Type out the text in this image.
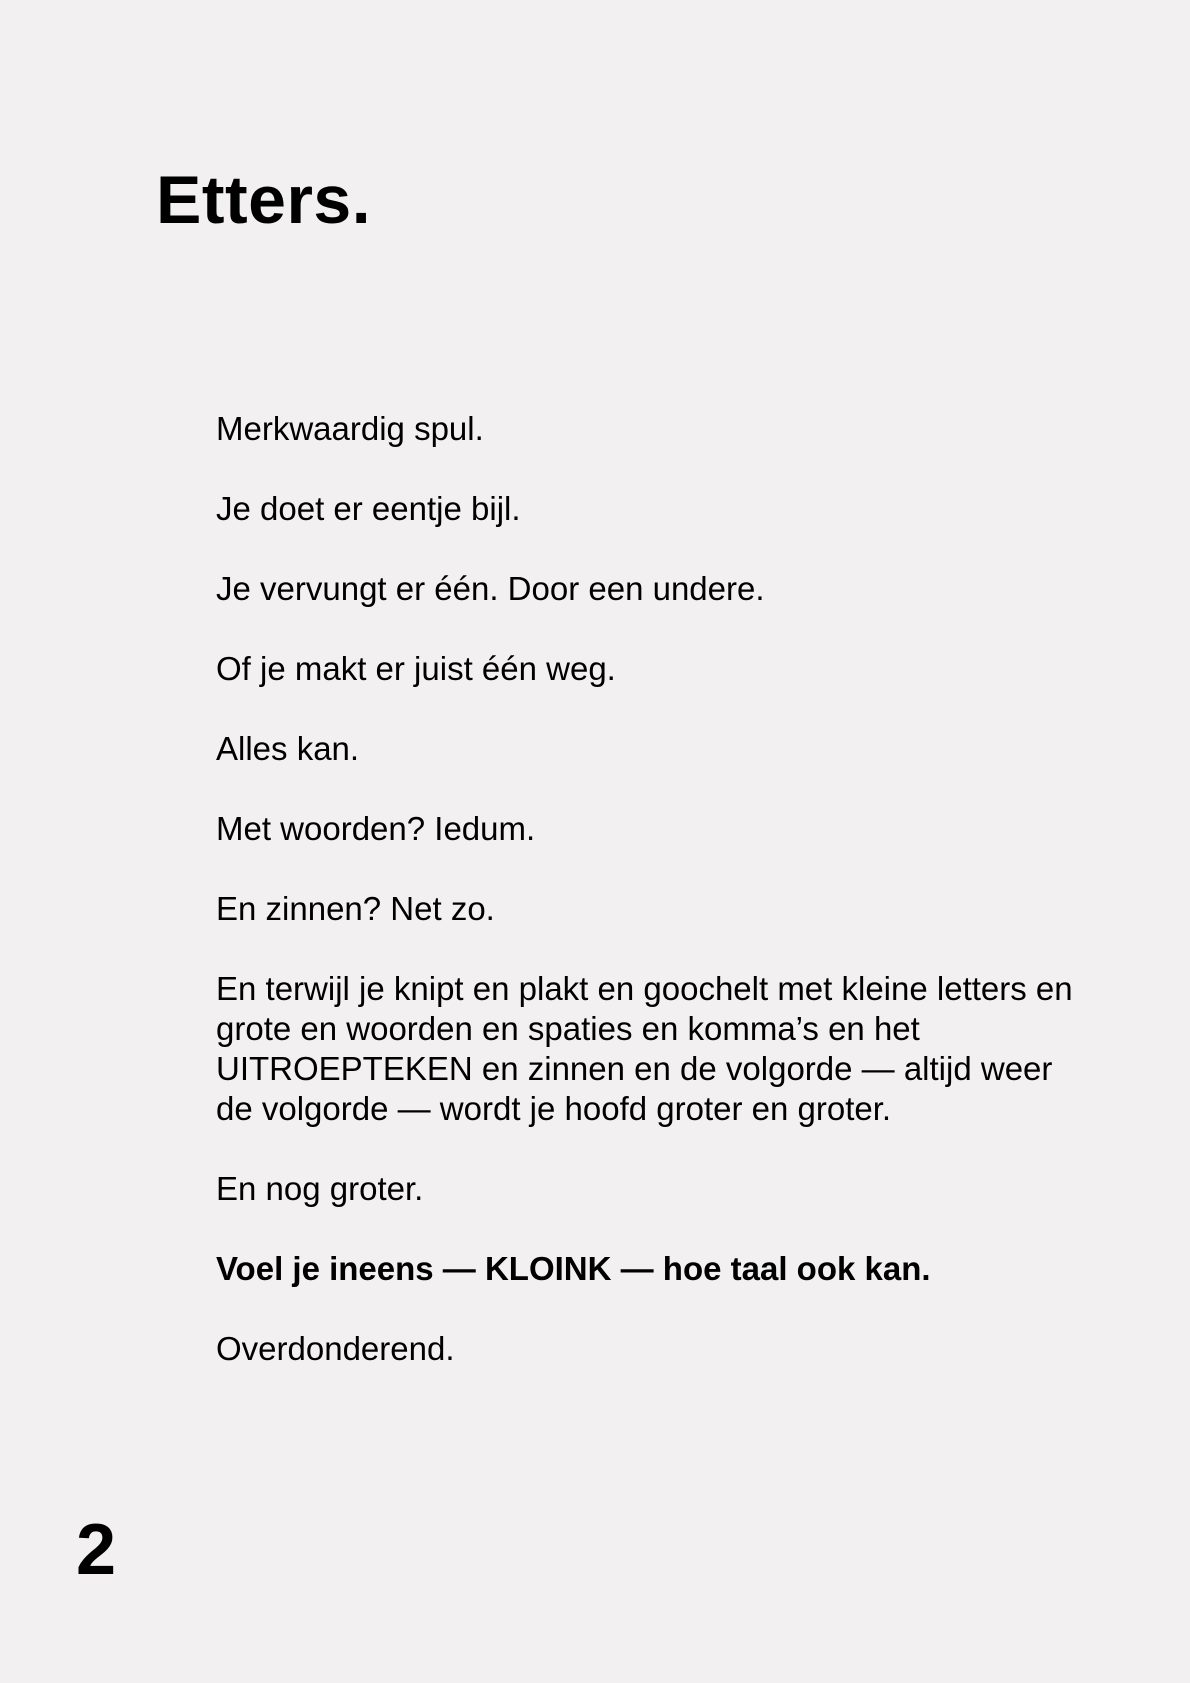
Etters.

Merkwaardig spul.

Je doet er eentje bijl.

Je vervungt er één. Door een undere.

Of je makt er juist één weg.

Alles kan.

Met woorden? Iedum.

En zinnen? Net zo.

En terwijl je knipt en plakt en goochelt met kleine letters en grote en woorden en spaties en komma’s en het UITROEPTEKEN en zinnen en de volgorde — altijd weer de volgorde — wordt je hoofd groter en groter.

En nog groter.

Voel je ineens — KLOINK — hoe taal ook kan.

Overdonderend.

2
